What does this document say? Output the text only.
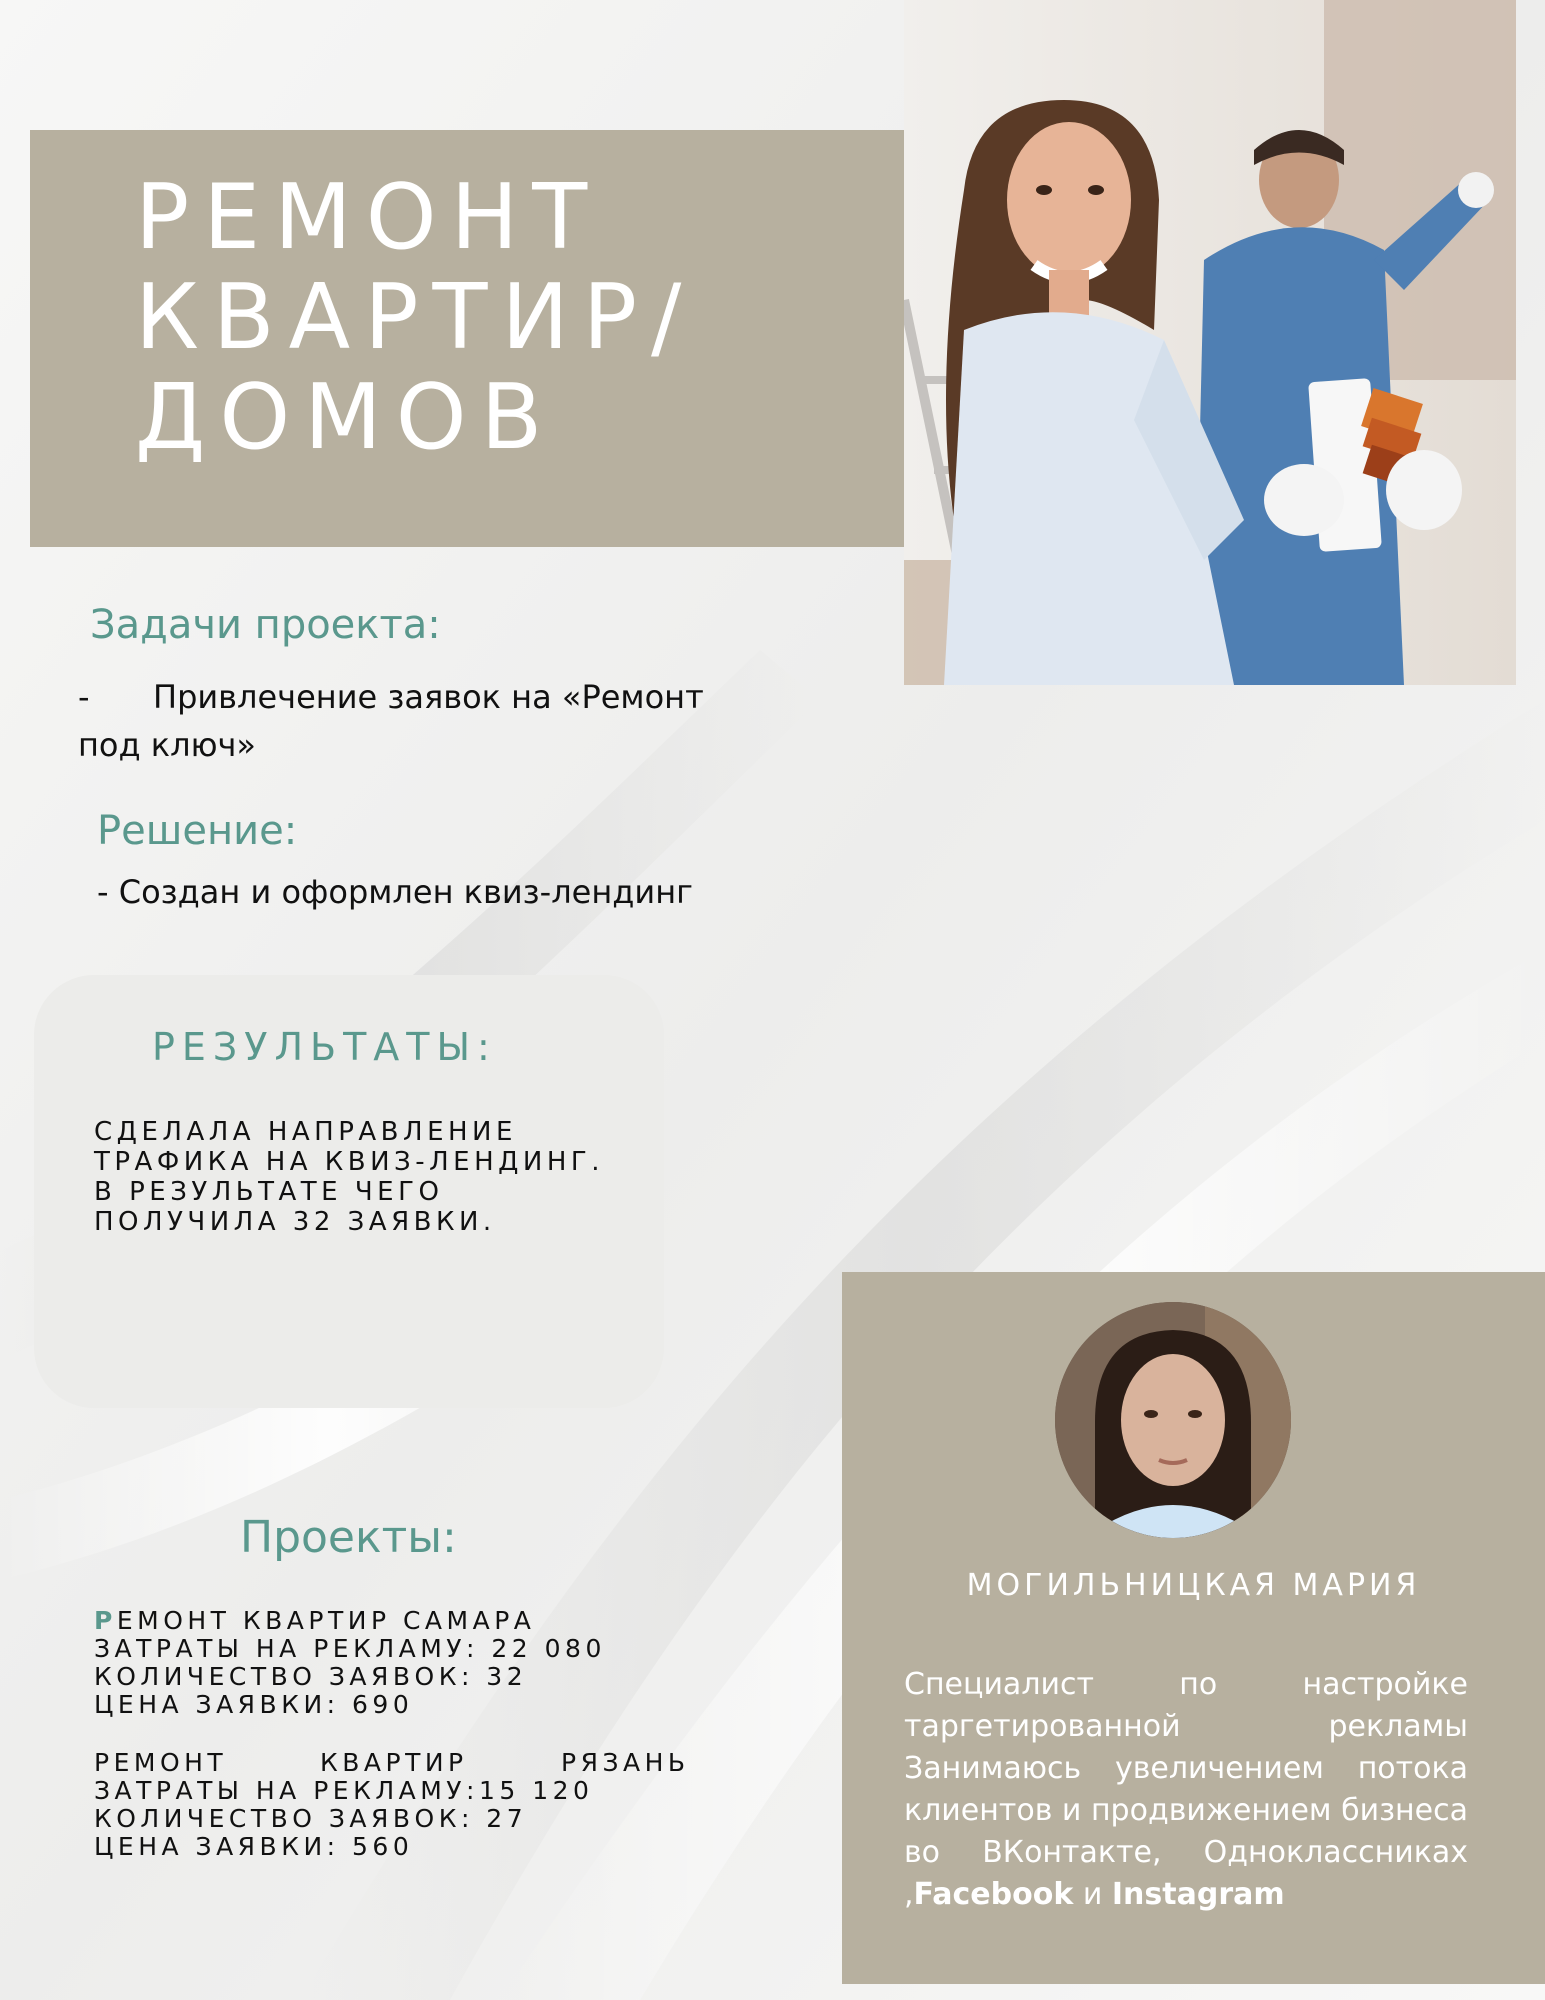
РЕМОНТ
КВАРТИР/
ДОМОВ
Задачи проекта:
- Привлечение заявок на «Ремонт
под ключ»
Решение:
- Создан и оформлен квиз-лендинг
РЕЗУЛЬТАТЫ:
СДЕЛАЛА НАПРАВЛЕНИЕ ТРАФИКА НА КВИЗ-ЛЕНДИНГ. В РЕЗУЛЬТАТЕ ЧЕГО ПОЛУЧИЛА 32 ЗАЯВКИ.
Проекты:
РЕМОНТ КВАРТИР САМАРА
ЗАТРАТЫ НА РЕКЛАМУ: 22 080
КОЛИЧЕСТВО ЗАЯВОК: 32
ЦЕНА ЗАЯВКИ: 690
РЕМОНТ	КВАРТИР	РЯЗАНЬ
ЗАТРАТЫ НА РЕКЛАМУ:15 120
КОЛИЧЕСТВО ЗАЯВОК: 27
ЦЕНА ЗАЯВКИ: 560
МОГИЛЬНИЦКАЯ МАРИЯ
Специалист по настройке таргетированной рекламы Занимаюсь увеличением потока клиентов и продвижением бизнеса во ВКонтакте, Одноклассниках ,Facebook и Instagram
